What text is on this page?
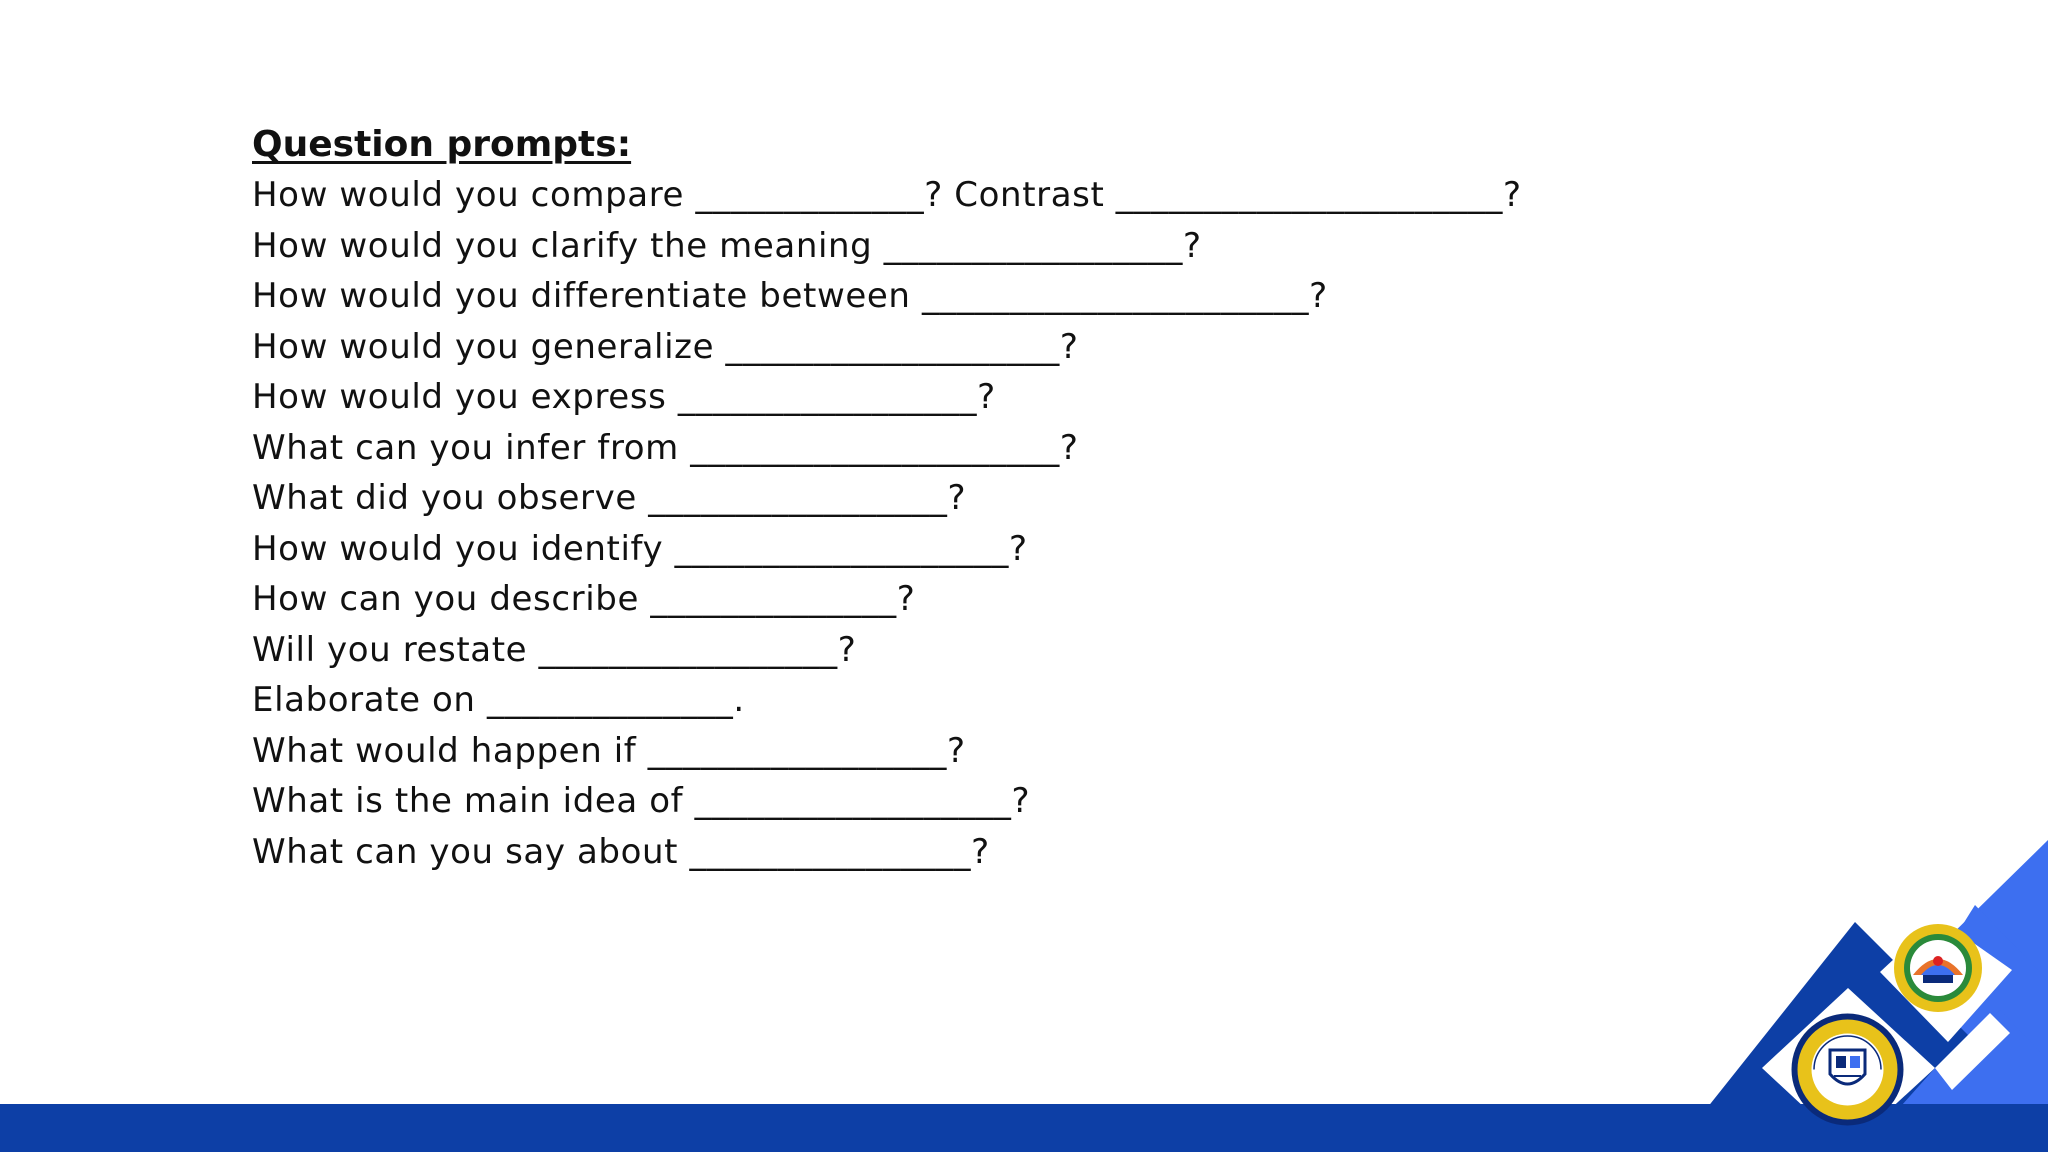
Question prompts:
How would you compare _____________? Contrast ______________________?
How would you clarify the meaning _________________?
How would you differentiate between ______________________?
How would you generalize ___________________?
How would you express _________________?
What can you infer from _____________________?
What did you observe _________________?
How would you identify ___________________?
How can you describe ______________?
Will you restate _________________?
Elaborate on ______________.
What would happen if _________________?
What is the main idea of __________________?
What can you say about ________________?
